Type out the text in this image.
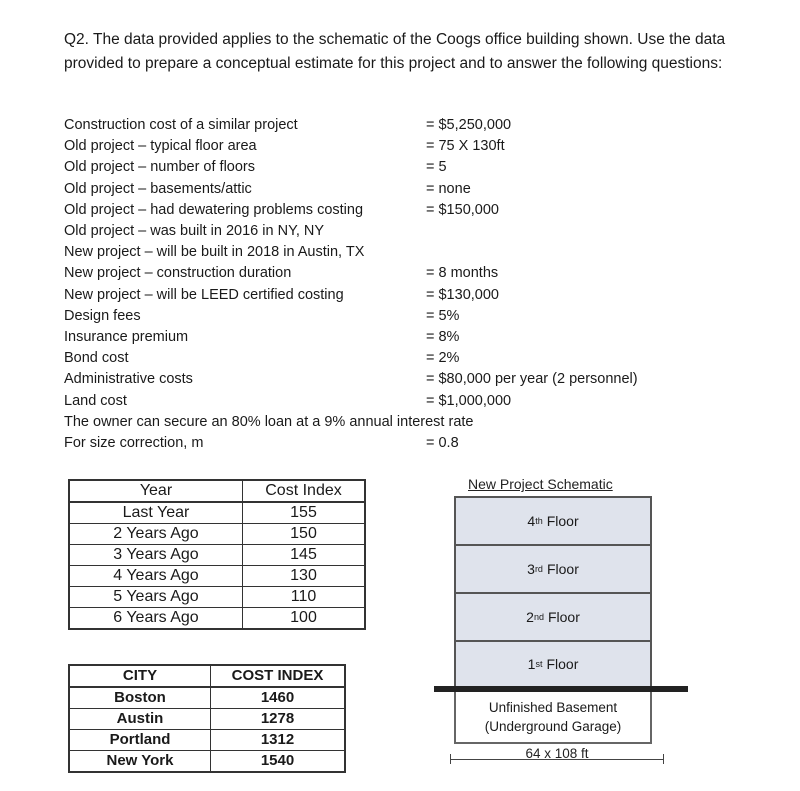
Q2. The data provided applies to the schematic of the Coogs office building shown. Use the data provided to prepare a conceptual estimate for this project and to answer the following questions:
Construction cost of a similar project	= $5,250,000
Old project – typical floor area	= 75 X 130ft
Old project – number of floors	= 5
Old project – basements/attic	= none
Old project – had dewatering problems costing	= $150,000
Old project – was built in 2016 in NY, NY
New project – will be built in 2018 in Austin, TX
New project – construction duration	= 8 months
New project – will be LEED certified costing	= $130,000
Design fees	= 5%
Insurance premium	= 8%
Bond cost	= 2%
Administrative costs	= $80,000 per year (2 personnel)
Land cost	= $1,000,000
The owner can secure an 80% loan at a 9% annual interest rate
For size correction, m	= 0.8
Year	Cost Index
Last Year	155
2 Years Ago	150
3 Years Ago	145
4 Years Ago	130
5 Years Ago	110
6 Years Ago	100
CITY	COST INDEX
Boston	1460
Austin	1278
Portland	1312
New York	1540
New Project Schematic
4 th Floor
3 rd Floor
2 nd Floor
1 st Floor
Unfinished Basement
(Underground Garage)
64 x 108 ft
